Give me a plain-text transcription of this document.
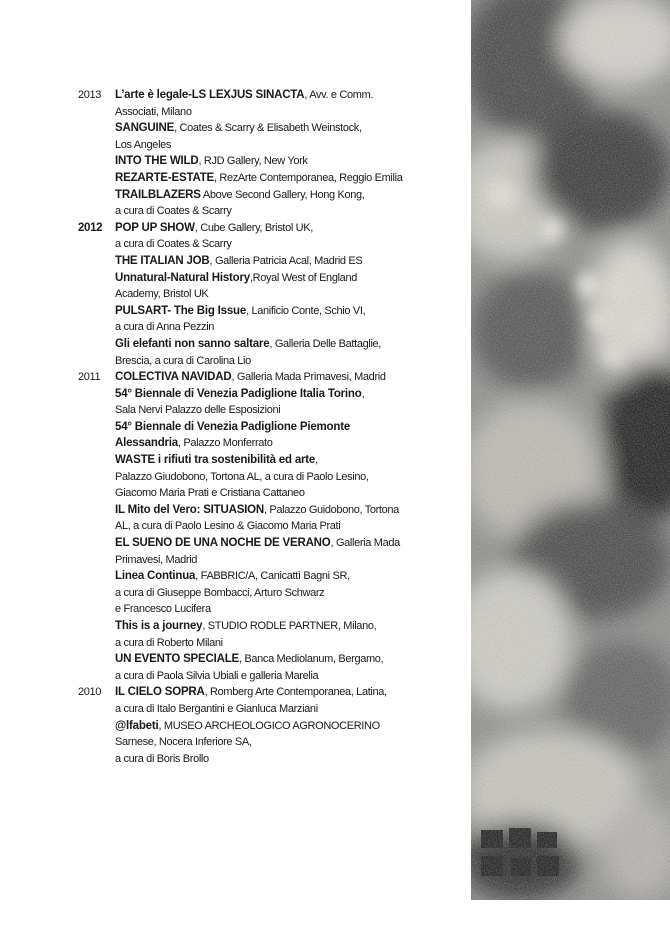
2013	L’arte è legale-LS LEXJUS SINACTA, Avv. e Comm.
Associati, Milano
SANGUINE, Coates & Scarry & Elisabeth Weinstock,
Los Angeles
INTO THE WILD, RJD Gallery, New York
REZARTE-ESTATE, RezArte Contemporanea, Reggio Emilia
TRAILBLAZERS Above Second Gallery, Hong Kong,
a cura di Coates & Scarry
2012	POP UP SHOW, Cube Gallery, Bristol UK,
a cura di Coates & Scarry
THE ITALIAN JOB, Galleria Patricia Acal, Madrid ES
Unnatural-Natural History,Royal West of England
Academy, Bristol UK
PULSART- The Big Issue, Lanificio Conte, Schio VI,
a cura di Anna Pezzin
Gli elefanti non sanno saltare, Galleria Delle Battaglie,
Brescia, a cura di Carolina Lio
2011	COLECTIVA NAVIDAD, Galleria Mada Primavesi, Madrid
54° Biennale di Venezia Padiglione Italia Torino,
Sala Nervi Palazzo delle Esposizioni
54° Biennale di Venezia Padiglione Piemonte
Alessandria, Palazzo Monferrato
WASTE i rifiuti tra sostenibilità ed arte,
Palazzo Giudobono, Tortona AL, a cura di Paolo Lesino,
Giacomo Maria Prati e Cristiana Cattaneo
IL Mito del Vero: SITUASION, Palazzo Guidobono, Tortona
AL, a cura di Paolo Lesino & Giacomo Maria Prati
EL SUENO DE UNA NOCHE DE VERANO, Galleria Mada
Primavesi, Madrid
Linea Continua, FABBRIC/A, Canicattì Bagni SR,
a cura di Giuseppe Bombacci, Arturo Schwarz
e Francesco Lucifera
This is a journey, STUDIO RODLE PARTNER, Milano,
a cura di Roberto Milani
UN EVENTO SPECIALE, Banca Mediolanum, Bergamo,
a cura di Paola Silvia Ubiali e galleria Marelia
2010	IL CIELO SOPRA, Romberg Arte Contemporanea, Latina,
a cura di Italo Bergantini e Gianluca Marziani
@lfabeti, MUSEO ARCHEOLOGICO AGRONOCERINO
Sarnese, Nocera Inferiore SA,
a cura di Boris Brollo
